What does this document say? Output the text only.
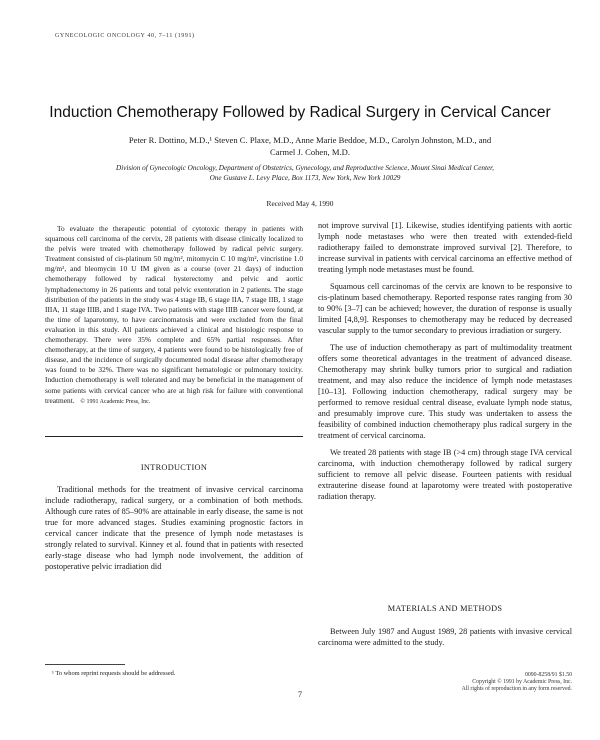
GYNECOLOGIC ONCOLOGY 40, 7–11 (1991)
Induction Chemotherapy Followed by Radical Surgery in Cervical Cancer
Peter R. Dottino, M.D.,¹ Steven C. Plaxe, M.D., Anne Marie Beddoe, M.D., Carolyn Johnston, M.D., and
Carmel J. Cohen, M.D.
Division of Gynecologic Oncology, Department of Obstetrics, Gynecology, and Reproductive Science, Mount Sinai Medical Center,
One Gustave L. Levy Place, Box 1173, New York, New York 10029
Received May 4, 1990
To evaluate the therapeutic potential of cytotoxic therapy in patients with squamous cell carcinoma of the cervix, 28 patients with disease clinically localized to the pelvis were treated with chemotherapy followed by radical pelvic surgery. Treatment consisted of cis-platinum 50 mg/m², mitomycin C 10 mg/m², vincristine 1.0 mg/m², and bleomycin 10 U IM given as a course (over 21 days) of induction chemotherapy followed by radical hysterectomy and pelvic and aortic lymphadenectomy in 26 patients and total pelvic exenteration in 2 patients. The stage distribution of the patients in the study was 4 stage IB, 6 stage IIA, 7 stage IIB, 1 stage IIIA, 11 stage IIIB, and 1 stage IVA. Two patients with stage IIIB cancer were found, at the time of laparotomy, to have carcinomatosis and were excluded from the final evaluation in this study. All patients achieved a clinical and histologic response to chemotherapy. There were 35% complete and 65% partial responses. After chemotherapy, at the time of surgery, 4 patients were found to be histologically free of disease, and the incidence of surgically documented nodal disease after chemotherapy was found to be 32%. There was no significant hematologic or pulmonary toxicity. Induction chemotherapy is well tolerated and may be beneficial in the management of some patients with cervical cancer who are at high risk for failure with conventional treatment. © 1991 Academic Press, Inc.
INTRODUCTION

Traditional methods for the treatment of invasive cervical carcinoma include radiotherapy, radical surgery, or a combination of both methods. Although cure rates of 85–90% are attainable in early disease, the same is not true for more advanced stages. Studies examining prognostic factors in cervical cancer indicate that the presence of lymph node metastases is strongly related to survival. Kinney et al. found that in patients with resected early-stage disease who had lymph node involvement, the addition of postoperative pelvic irradiation did

not improve survival [1]. Likewise, studies identifying patients with aortic lymph node metastases who were then treated with extended-field radiotherapy failed to demonstrate improved survival [2]. Therefore, to increase survival in patients with cervical carcinoma an effective method of treating lymph node metastases must be found.

Squamous cell carcinomas of the cervix are known to be responsive to cis-platinum based chemotherapy. Reported response rates ranging from 30 to 90% [3–7] can be achieved; however, the duration of response is usually limited [4,8,9]. Responses to chemotherapy may be reduced by decreased vascular supply to the tumor secondary to previous irradiation or surgery.

The use of induction chemotherapy as part of multimodality treatment offers some theoretical advantages in the treatment of advanced disease. Chemotherapy may shrink bulky tumors prior to surgical and radiation treatment, and may also reduce the incidence of lymph node metastases [10–13]. Following induction chemotherapy, radical surgery may be performed to remove residual central disease, evaluate lymph node status, and presumably improve cure. This study was undertaken to assess the feasibility of combined induction chemotherapy plus radical surgery in the treatment of cervical carcinoma.

We treated 28 patients with stage IB (>4 cm) through stage IVA cervical carcinoma, with induction chemotherapy followed by radical surgery sufficient to remove all pelvic disease. Fourteen patients with residual extrauterine disease found at laparotomy were treated with postoperative radiation therapy.

MATERIALS AND METHODS

Between July 1987 and August 1989, 28 patients with invasive cervical carcinoma were admitted to the study.

¹ To whom reprint requests should be addressed.
7
0090-8258/91 $1.50
Copyright © 1991 by Academic Press, Inc.
All rights of reproduction in any form reserved.
